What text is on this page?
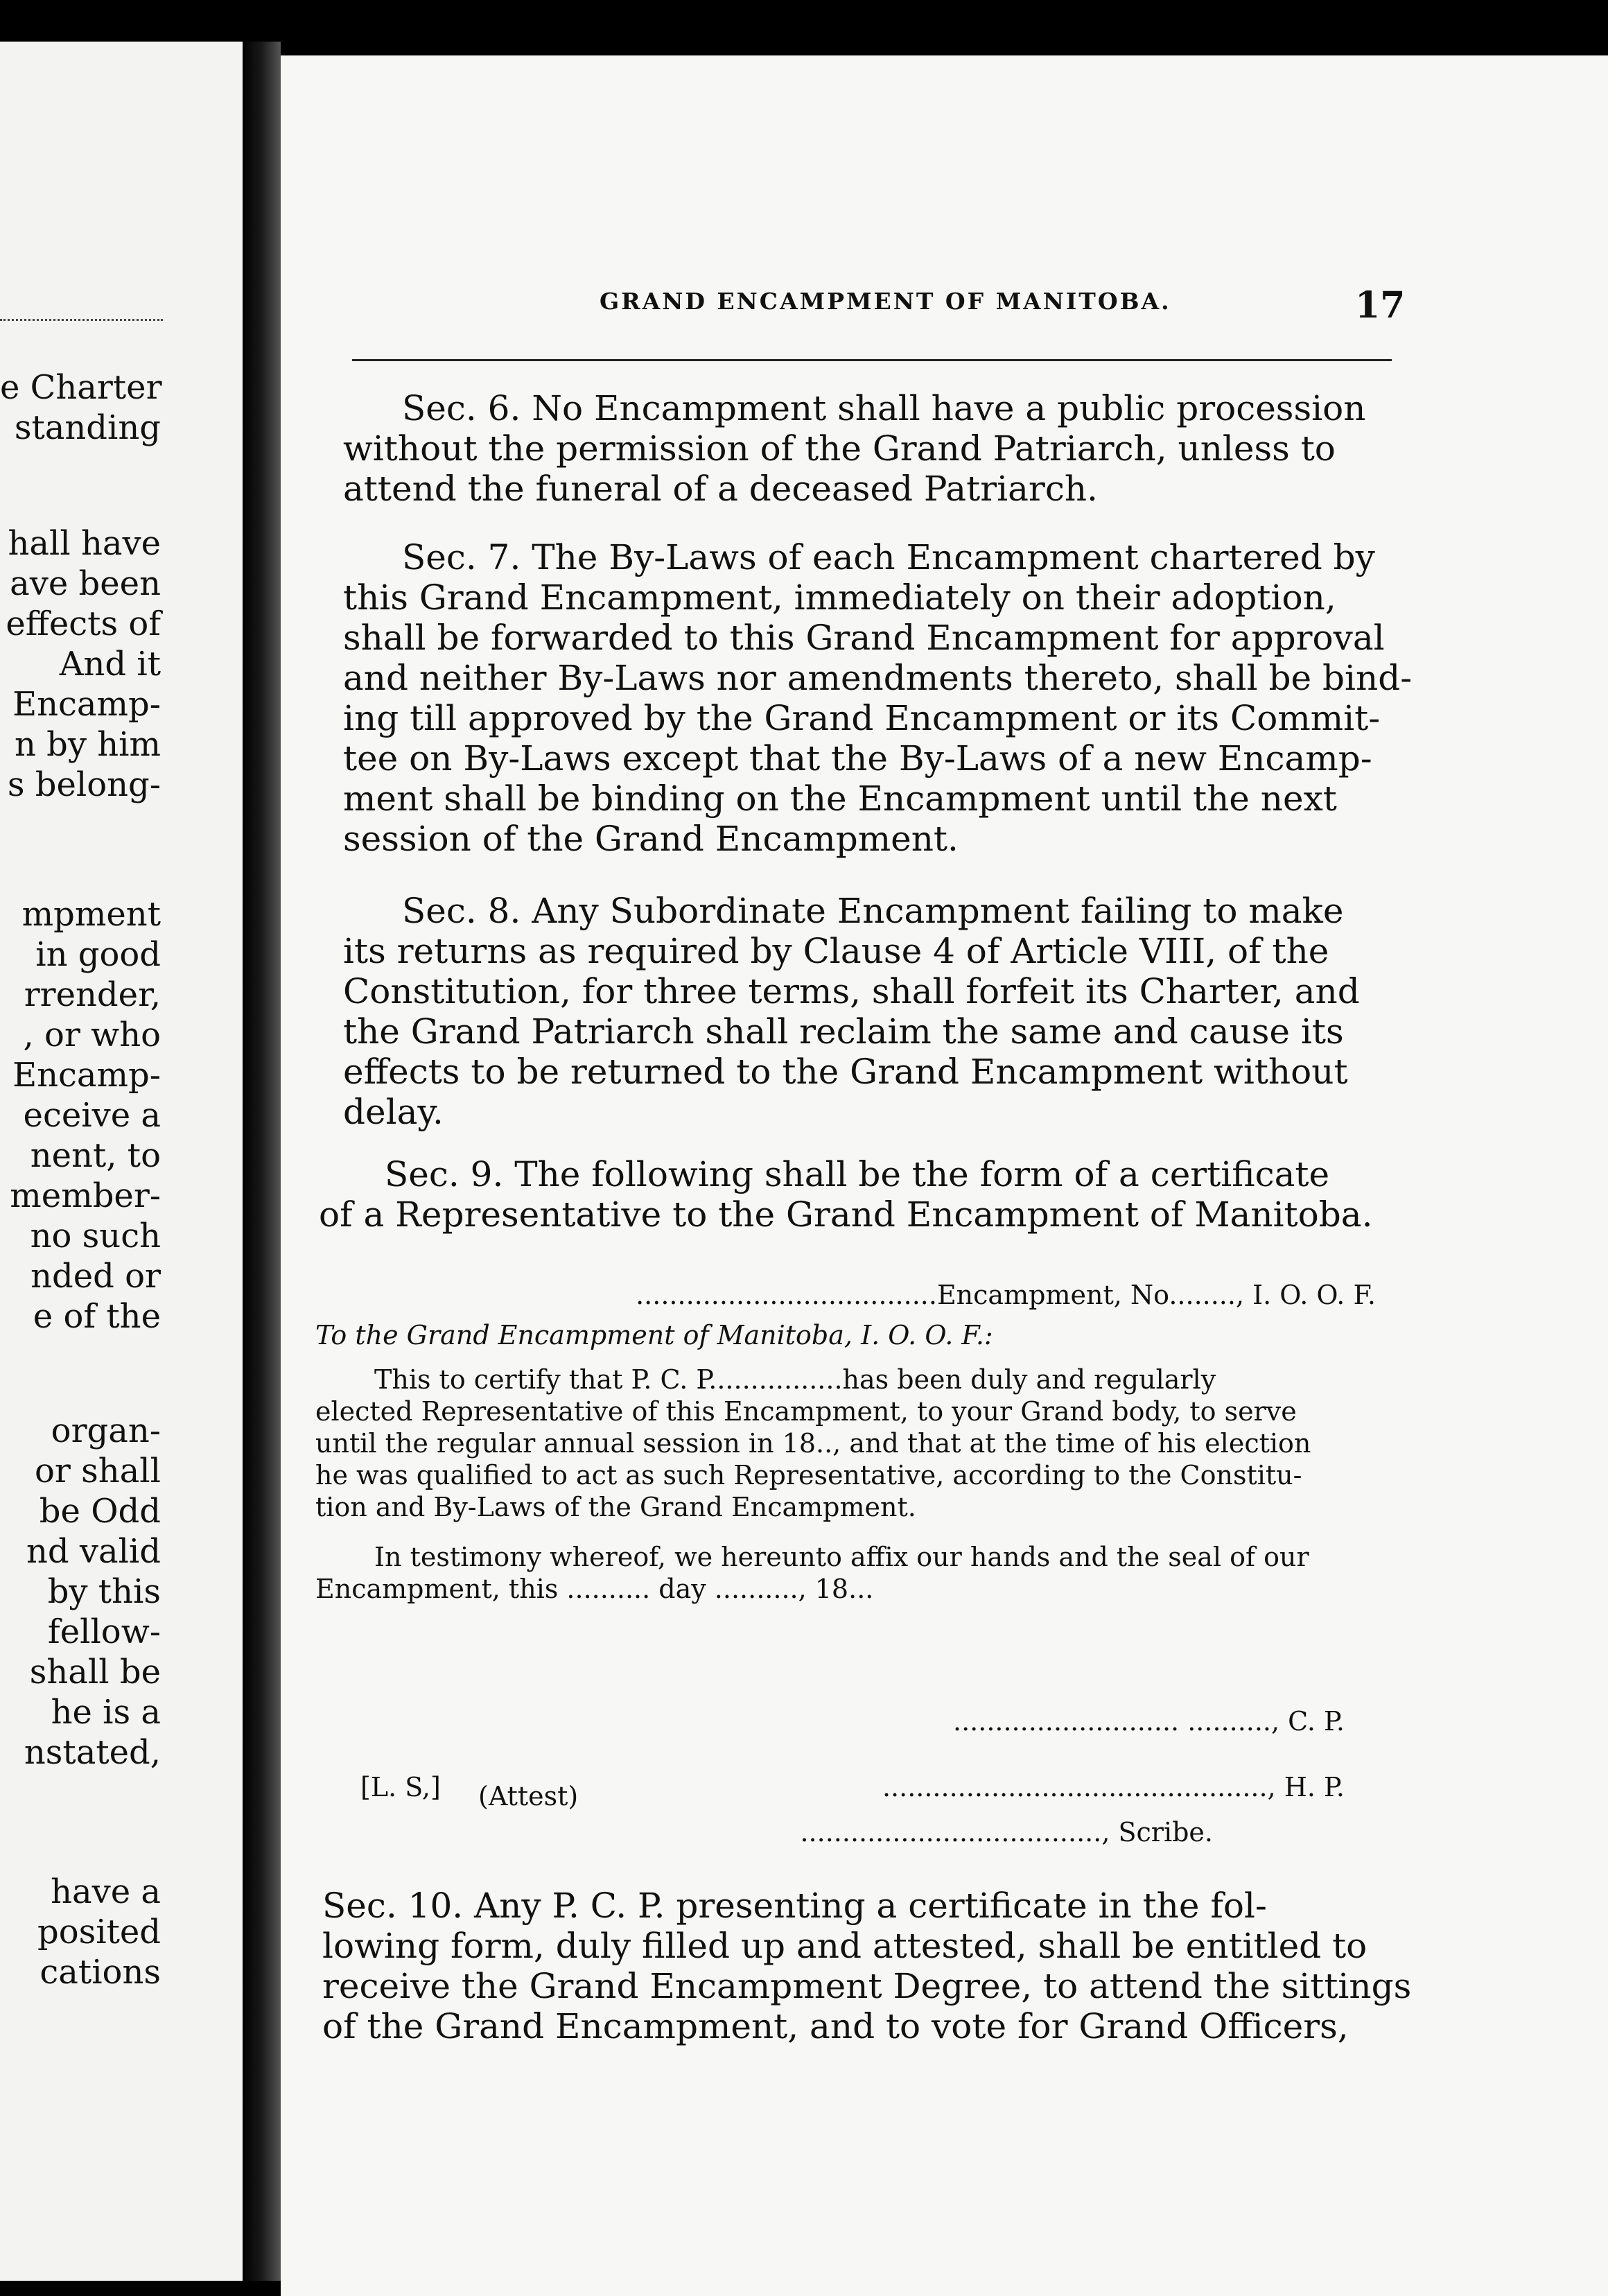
e Charter
standing
hall have
ave been
effects of
And it
Encamp-
n by him
s belong-
mpment
in good
rrender,
, or who
Encamp-
eceive a
nent, to
member-
no such
nded or
e of the
organ-
or shall
be Odd
nd valid
by this
fellow-
shall be
he is a
nstated,
have a
posited
cations
GRAND ENCAMPMENT OF MANITOBA.	17
Sec. 6. No Encampment shall have a public procession
without the permission of the Grand Patriarch, unless to
attend the funeral of a deceased Patriarch.
Sec. 7. The By-Laws of each Encampment chartered by
this Grand Encampment, immediately on their adoption,
shall be forwarded to this Grand Encampment for approval
and neither By-Laws nor amendments thereto, shall be bind-
ing till approved by the Grand Encampment or its Commit-
tee on By-Laws except that the By-Laws of a new Encamp-
ment shall be binding on the Encampment until the next
session of the Grand Encampment.
Sec. 8. Any Subordinate Encampment failing to make
its returns as required by Clause 4 of Article VIII, of the
Constitution, for three terms, shall forfeit its Charter, and
the Grand Patriarch shall reclaim the same and cause its
effects to be returned to the Grand Encampment without
delay.
Sec. 9. The following shall be the form of a certificate
of a Representative to the Grand Encampment of Manitoba.
....................................Encampment, No........, I. O. O. F.
To the Grand Encampment of Manitoba, I. O. O. F.:
This to certify that P. C. P................has been duly and regularly
elected Representative of this Encampment, to your Grand body, to serve
until the regular annual session in 18.., and that at the time of his election
he was qualified to act as such Representative, according to the Constitu-
tion and By-Laws of the Grand Encampment.
In testimony whereof, we hereunto affix our hands and the seal of our
Encampment, this .......... day .........., 18...
........................... .........., C. P.
[L. S,]	.............................................., H. P.
(Attest)
...................................., Scribe.
Sec. 10. Any P. C. P. presenting a certificate in the fol-
lowing form, duly filled up and attested, shall be entitled to
receive the Grand Encampment Degree, to attend the sittings
of the Grand Encampment, and to vote for Grand Officers,
